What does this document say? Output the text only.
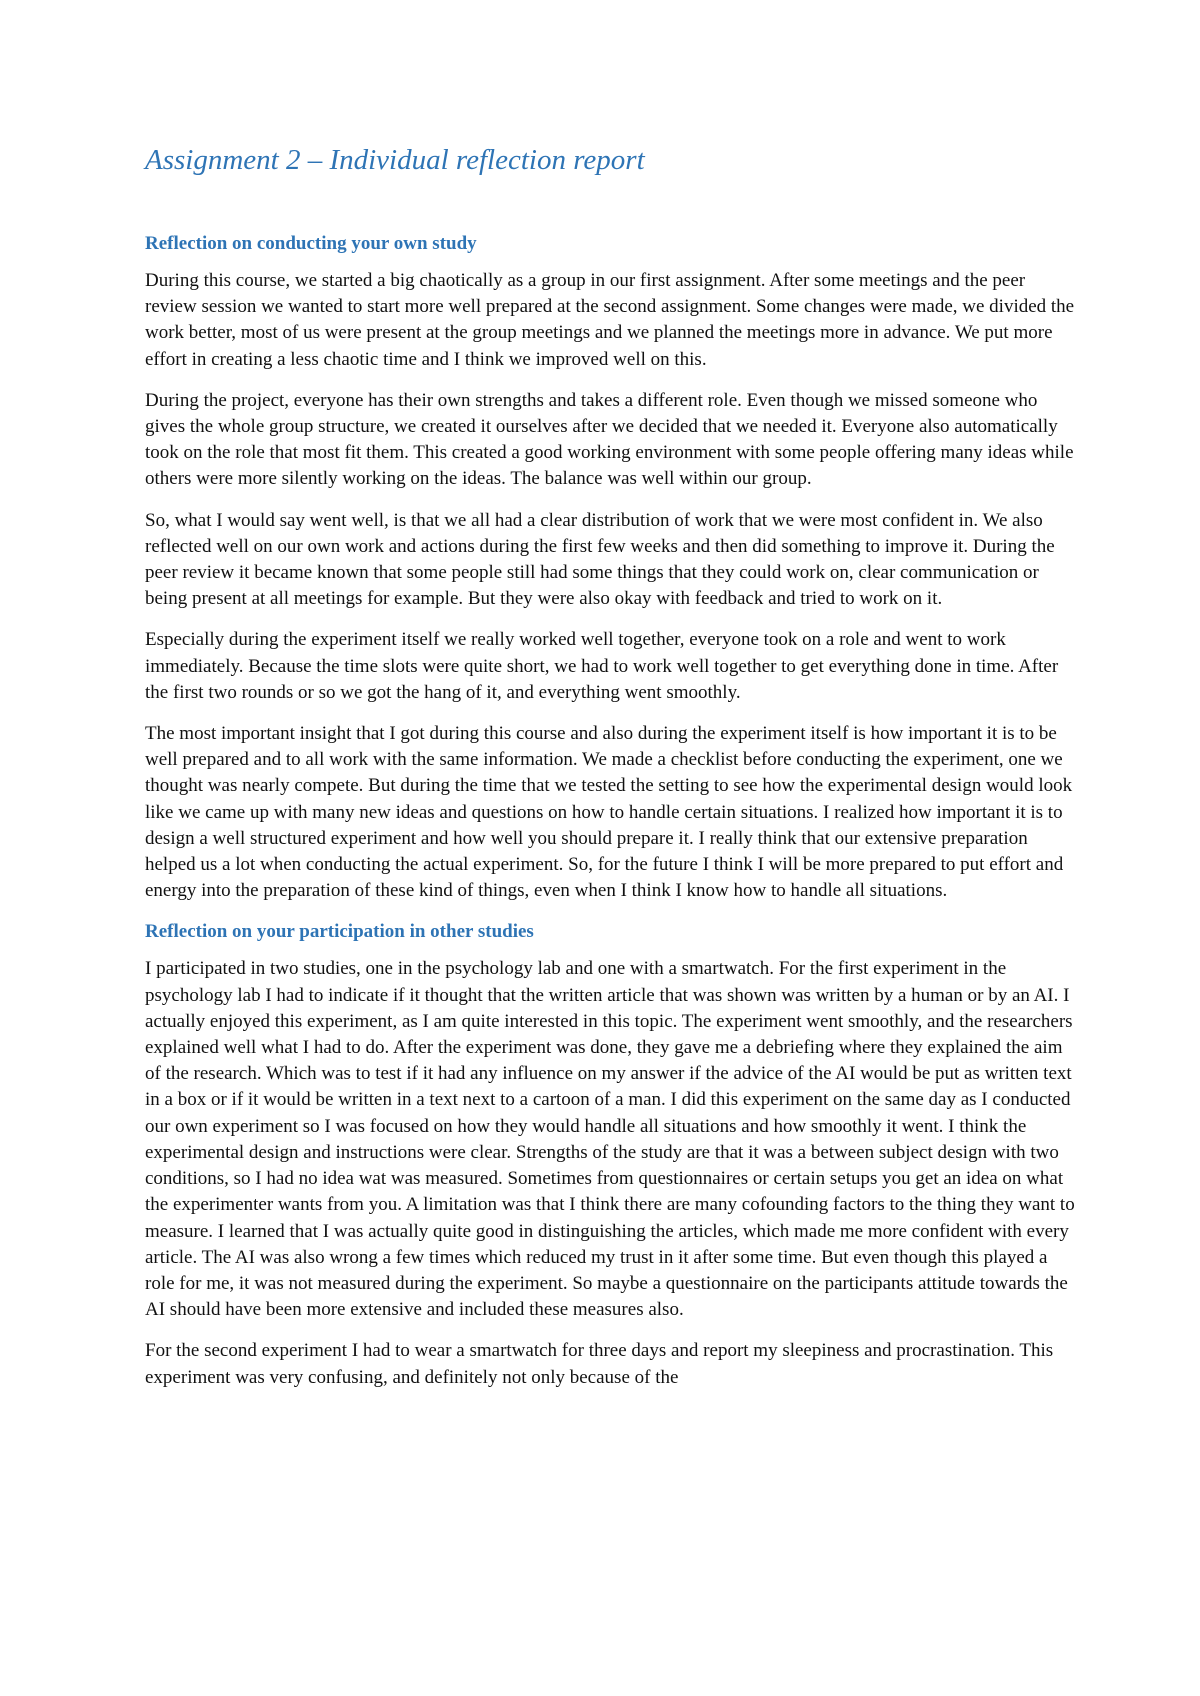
Assignment 2 – Individual reflection report
Reflection on conducting your own study

During this course, we started a big chaotically as a group in our first assignment. After some meetings and the peer review session we wanted to start more well prepared at the second assignment. Some changes were made, we divided the work better, most of us were present at the group meetings and we planned the meetings more in advance. We put more effort in creating a less chaotic time and I think we improved well on this.

During the project, everyone has their own strengths and takes a different role. Even though we missed someone who gives the whole group structure, we created it ourselves after we decided that we needed it. Everyone also automatically took on the role that most fit them. This created a good working environment with some people offering many ideas while others were more silently working on the ideas. The balance was well within our group.

So, what I would say went well, is that we all had a clear distribution of work that we were most confident in. We also reflected well on our own work and actions during the first few weeks and then did something to improve it. During the peer review it became known that some people still had some things that they could work on, clear communication or being present at all meetings for example. But they were also okay with feedback and tried to work on it.

Especially during the experiment itself we really worked well together, everyone took on a role and went to work immediately. Because the time slots were quite short, we had to work well together to get everything done in time. After the first two rounds or so we got the hang of it, and everything went smoothly.

The most important insight that I got during this course and also during the experiment itself is how important it is to be well prepared and to all work with the same information. We made a checklist before conducting the experiment, one we thought was nearly compete. But during the time that we tested the setting to see how the experimental design would look like we came up with many new ideas and questions on how to handle certain situations. I realized how important it is to design a well structured experiment and how well you should prepare it. I really think that our extensive preparation helped us a lot when conducting the actual experiment. So, for the future I think I will be more prepared to put effort and energy into the preparation of these kind of things, even when I think I know how to handle all situations.

Reflection on your participation in other studies

I participated in two studies, one in the psychology lab and one with a smartwatch. For the first experiment in the psychology lab I had to indicate if it thought that the written article that was shown was written by a human or by an AI. I actually enjoyed this experiment, as I am quite interested in this topic. The experiment went smoothly, and the researchers explained well what I had to do. After the experiment was done, they gave me a debriefing where they explained the aim of the research. Which was to test if it had any influence on my answer if the advice of the AI would be put as written text in a box or if it would be written in a text next to a cartoon of a man. I did this experiment on the same day as I conducted our own experiment so I was focused on how they would handle all situations and how smoothly it went. I think the experimental design and instructions were clear. Strengths of the study are that it was a between subject design with two conditions, so I had no idea wat was measured. Sometimes from questionnaires or certain setups you get an idea on what the experimenter wants from you. A limitation was that I think there are many cofounding factors to the thing they want to measure. I learned that I was actually quite good in distinguishing the articles, which made me more confident with every article. The AI was also wrong a few times which reduced my trust in it after some time. But even though this played a role for me, it was not measured during the experiment. So maybe a questionnaire on the participants attitude towards the AI should have been more extensive and included these measures also.

For the second experiment I had to wear a smartwatch for three days and report my sleepiness and procrastination. This experiment was very confusing, and definitely not only because of the
